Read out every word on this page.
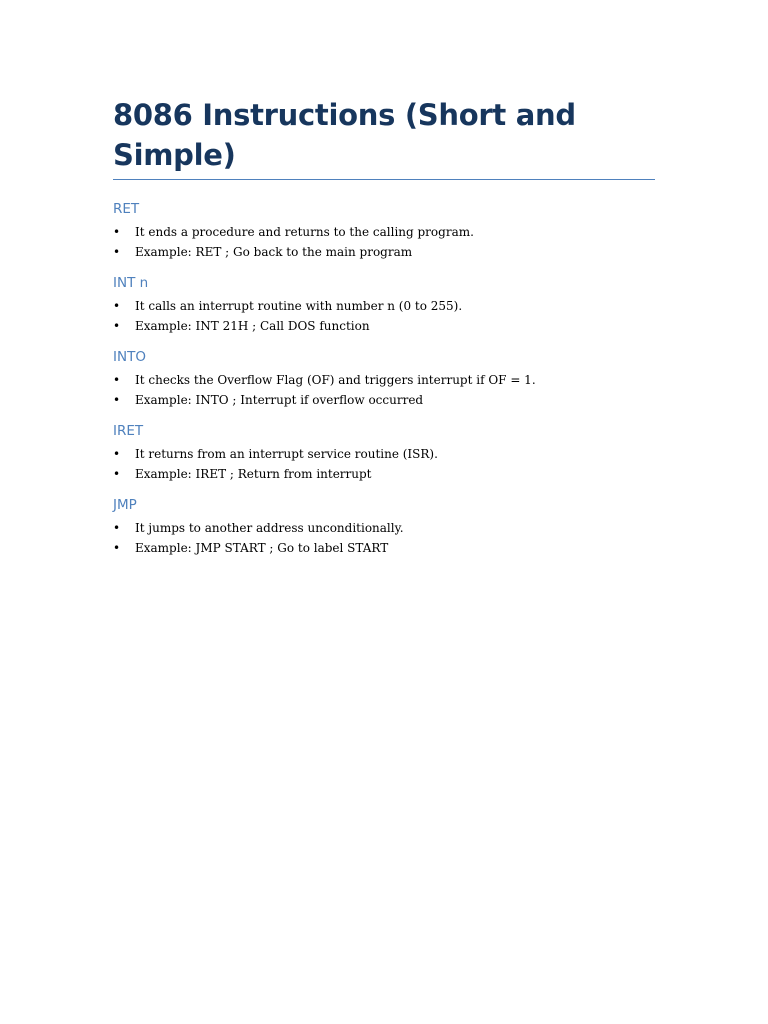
8086 Instructions (Short and Simple)
RET
• It ends a procedure and returns to the calling program.
• Example: RET ; Go back to the main program
INT n
• It calls an interrupt routine with number n (0 to 255).
• Example: INT 21H ; Call DOS function
INTO
• It checks the Overflow Flag (OF) and triggers interrupt if OF = 1.
• Example: INTO ; Interrupt if overflow occurred
IRET
• It returns from an interrupt service routine (ISR).
• Example: IRET ; Return from interrupt
JMP
• It jumps to another address unconditionally.
• Example: JMP START ; Go to label START
